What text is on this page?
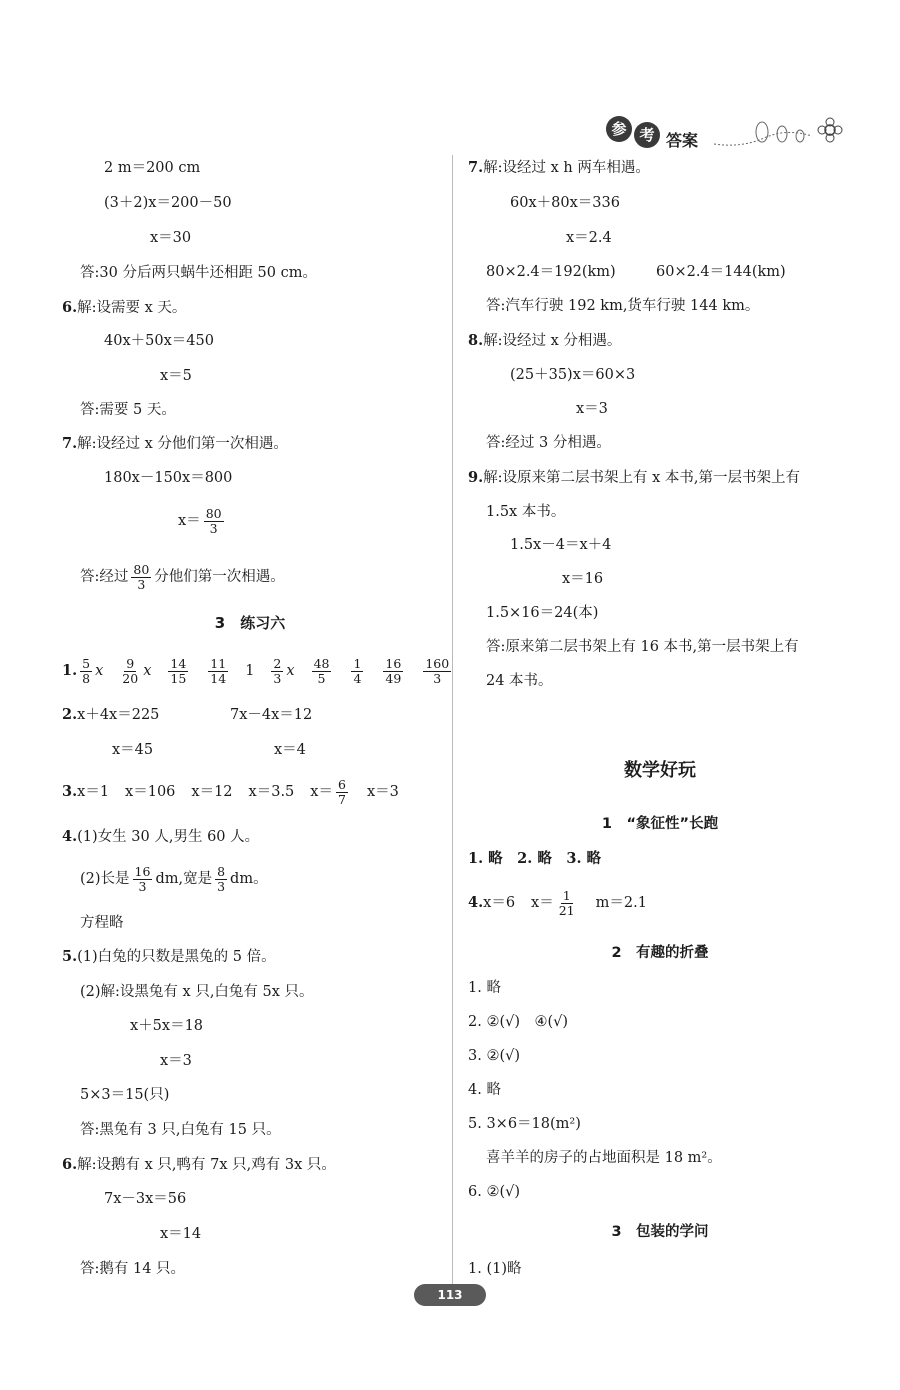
参 考 答案
2 m＝200 cm
(3＋2)x＝200－50
x＝30
答:30 分后两只蜗牛还相距 50 cm。
6.解:设需要 x 天。
40x＋50x＝450
x＝5
答:需要 5 天。
7.解:设经过 x 分他们第一次相遇。
180x－150x＝800
$x= \frac{80}{3}$
答:经过 $\frac{80}{3}$ 分他们第一次相遇。
3　练习六
1. $\frac{5}{8}$ x $\frac{9}{20}$ x $\frac{14}{15} \frac{11}{14} 1 \frac{2}{3}$ x $\frac{48}{5} \frac{1}{4} \frac{16}{49} \frac{160}{3}$
2.x＋4x＝225	7x－4x＝12
x＝45	x＝4
3.x＝1 x＝106 x＝12 x＝3.5 $x= \frac{6}{7} x=3$
4.(1)女生 30 人,男生 60 人。
(2)长是 $\frac{16}{3}$ dm,宽是 $\frac{8}{3}$ dm。
方程略
5.(1)白兔的只数是黑兔的 5 倍。
(2)解:设黑兔有 x 只,白兔有 5x 只。
x＋5x＝18
x＝3
5×3＝15(只)
答:黑兔有 3 只,白兔有 15 只。
6.解:设鹅有 x 只,鸭有 7x 只,鸡有 3x 只。
7x－3x＝56
x＝14
答:鹅有 14 只。
7.解:设经过 x h 两车相遇。
60x＋80x＝336
x＝2.4
80×2.4＝192(km)	60×2.4＝144(km)
答:汽车行驶 192 km,货车行驶 144 km。
8.解:设经过 x 分相遇。
(25＋35)x＝60×3
x＝3
答:经过 3 分相遇。
9.解:设原来第二层书架上有 x 本书,第一层书架上有
1.5x 本书。
1.5x－4＝x＋4
x＝16
1.5×16＝24(本)
答:原来第二层书架上有 16 本书,第一层书架上有
24 本书。
数学好玩
1　“象征性”长跑
1. 略　2. 略　3. 略
4.x＝6 $x= \frac{1}{21} m=2.1$
2　有趣的折叠
1. 略
2. ②(√)　④(√)
3. ②(√)
4. 略
5. 3×6＝18(m²)
喜羊羊的房子的占地面积是 18 m²。
6. ②(√)
3　包装的学问
1. (1)略
113
